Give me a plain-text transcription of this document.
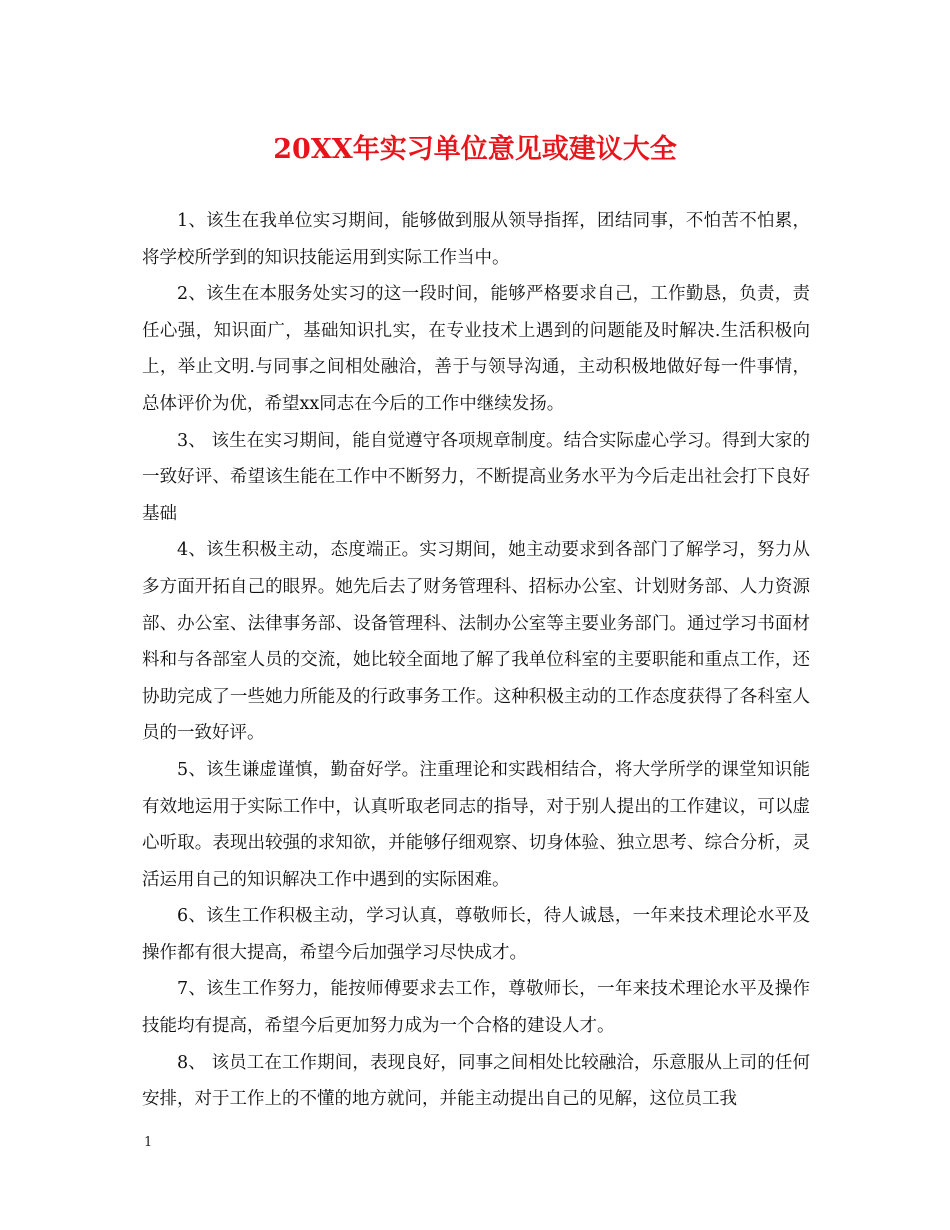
20XX年实习单位意见或建议大全

1、该生在我单位实习期间，能够做到服从领导指挥，团结同事，不怕苦不怕累，将学校所学到的知识技能运用到实际工作当中。

2、该生在本服务处实习的这一段时间，能够严格要求自己，工作勤恳，负责，责任心强，知识面广，基础知识扎实，在专业技术上遇到的问题能及时解决.生活积极向上，举止文明.与同事之间相处融洽，善于与领导沟通，主动积极地做好每一件事情，总体评价为优，希望xx同志在今后的工作中继续发扬。

3、 该生在实习期间，能自觉遵守各项规章制度。结合实际虚心学习。得到大家的一致好评、希望该生能在工作中不断努力，不断提高业务水平为今后走出社会打下良好基础

4、该生积极主动，态度端正。实习期间，她主动要求到各部门了解学习，努力从多方面开拓自己的眼界。她先后去了财务管理科、招标办公室、计划财务部、人力资源部、办公室、法律事务部、设备管理科、法制办公室等主要业务部门。通过学习书面材料和与各部室人员的交流，她比较全面地了解了我单位科室的主要职能和重点工作，还协助完成了一些她力所能及的行政事务工作。这种积极主动的工作态度获得了各科室人员的一致好评。

5、该生谦虚谨慎，勤奋好学。注重理论和实践相结合，将大学所学的课堂知识能有效地运用于实际工作中，认真听取老同志的指导，对于别人提出的工作建议，可以虚心听取。表现出较强的求知欲，并能够仔细观察、切身体验、独立思考、综合分析，灵活运用自己的知识解决工作中遇到的实际困难。

6、该生工作积极主动，学习认真，尊敬师长，待人诚恳，一年来技术理论水平及操作都有很大提高，希望今后加强学习尽快成才。

7、该生工作努力，能按师傅要求去工作，尊敬师长，一年来技术理论水平及操作技能均有提高，希望今后更加努力成为一个合格的建设人才。

8、 该员工在工作期间，表现良好，同事之间相处比较融洽，乐意服从上司的任何安排，对于工作上的不懂的地方就问，并能主动提出自己的见解，这位员工我

1
